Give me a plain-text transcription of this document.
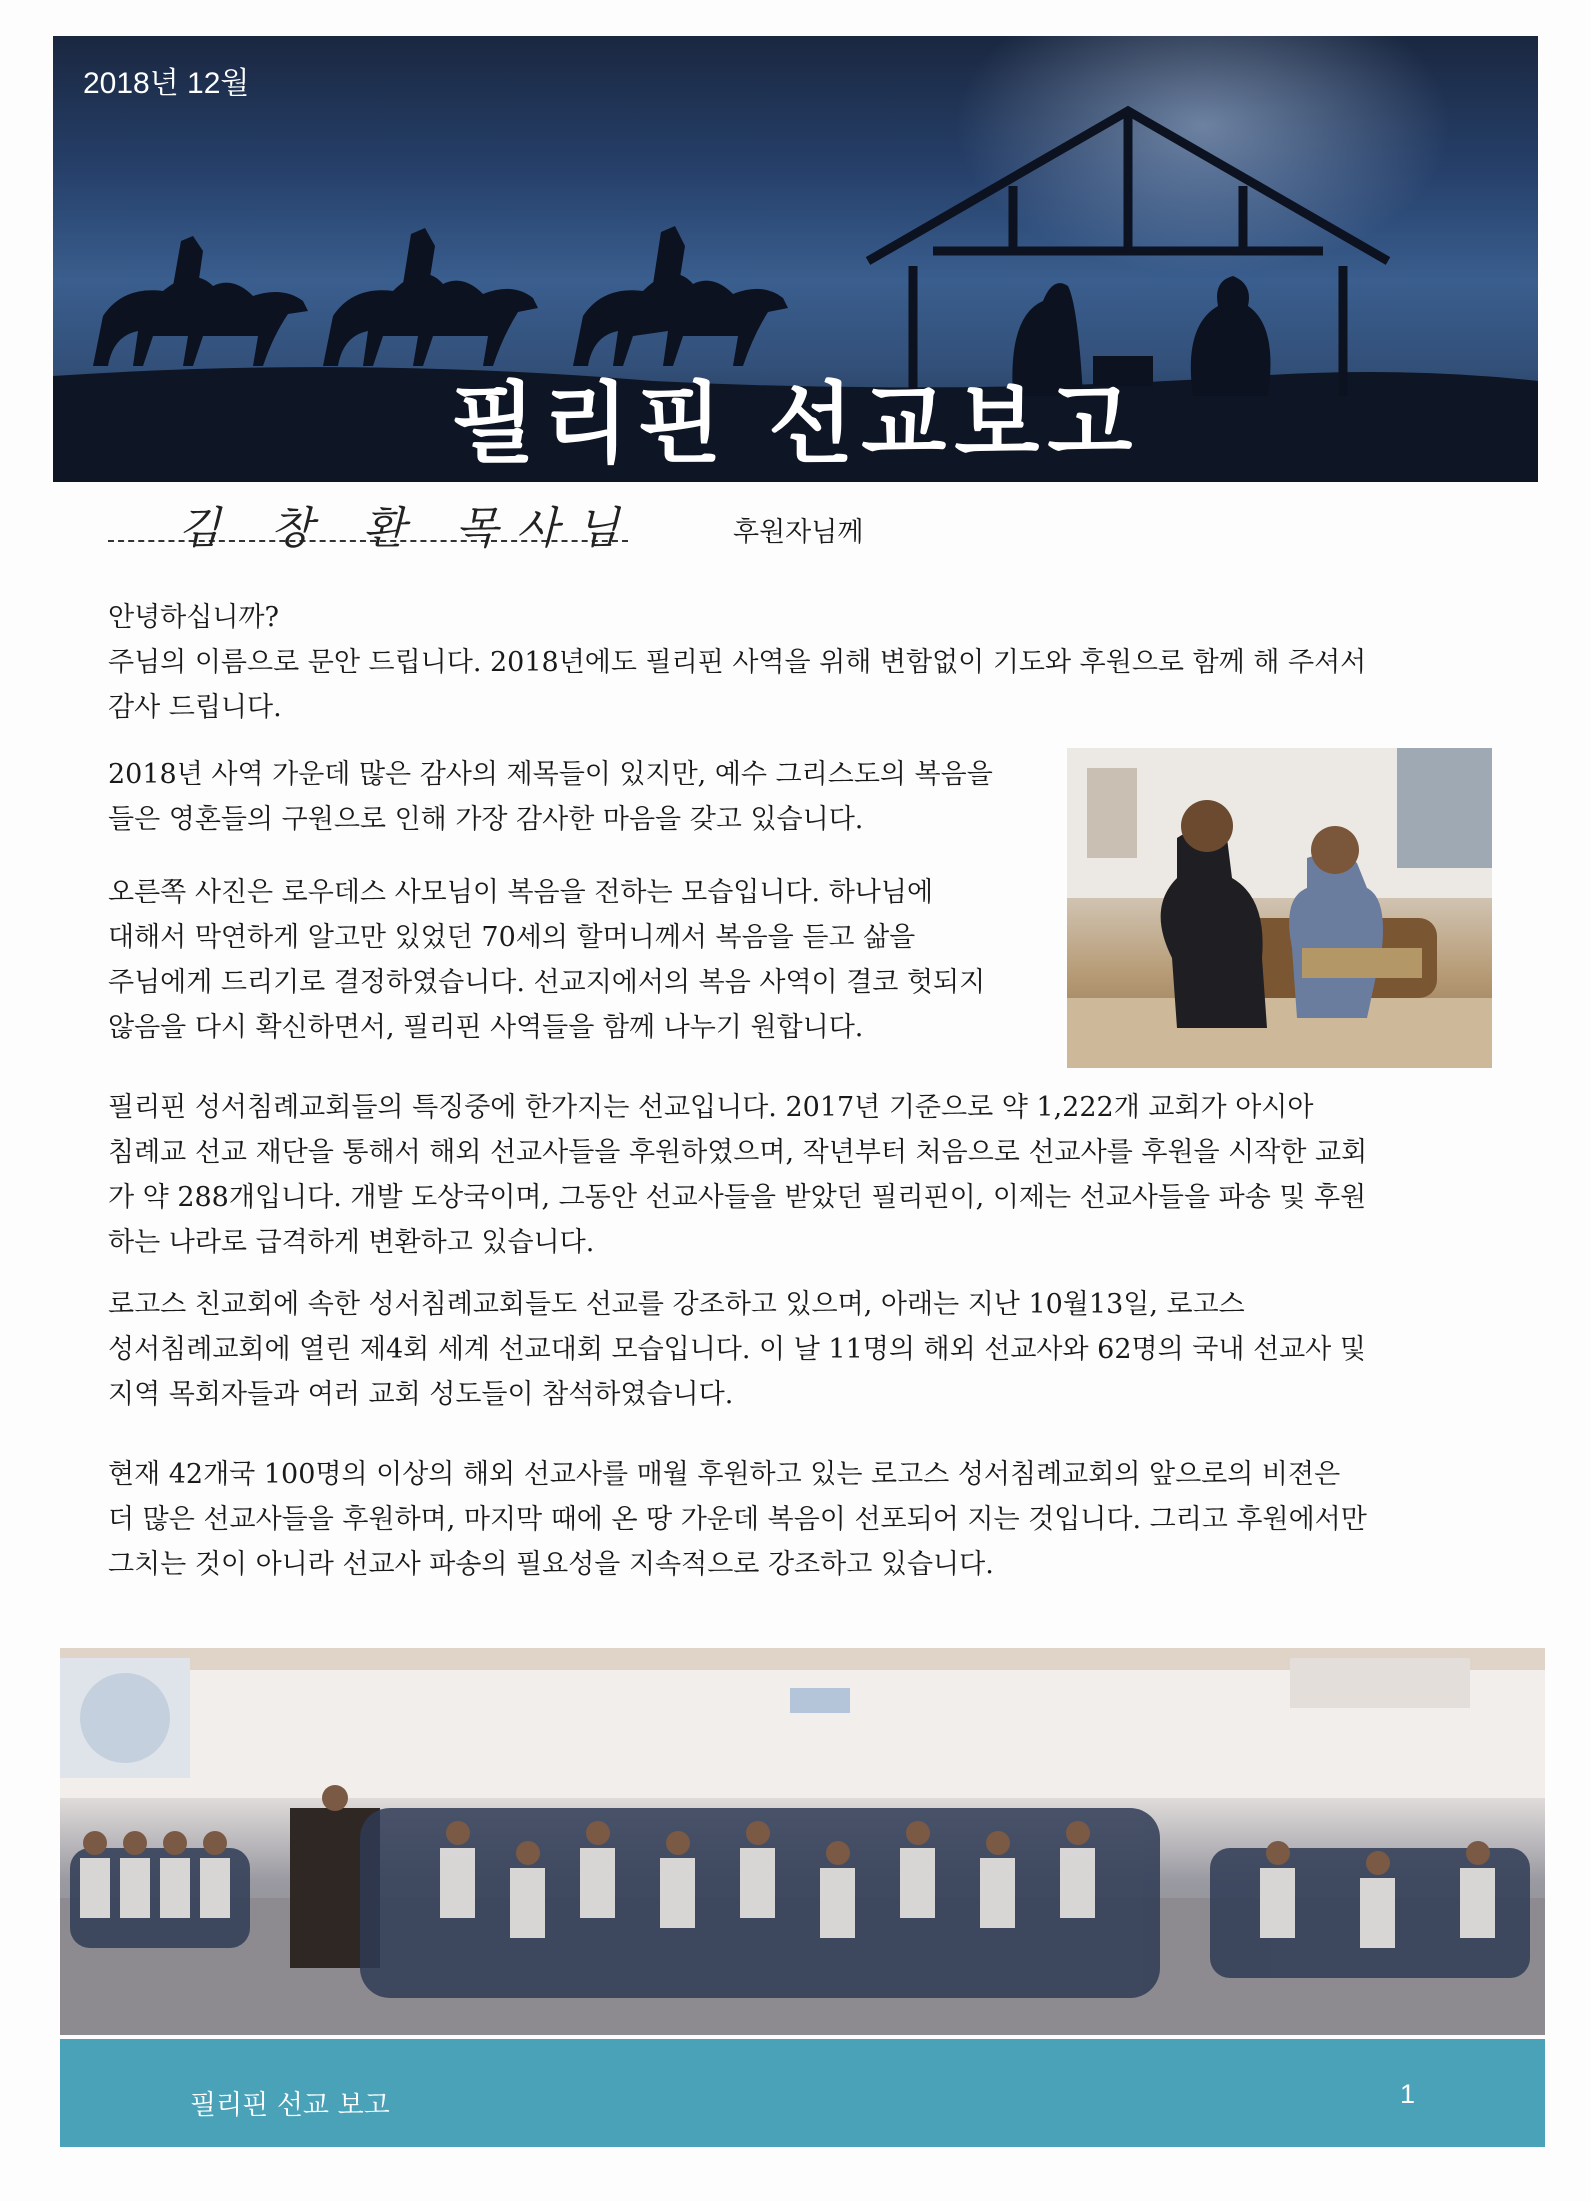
2018년 12월
필리핀 선교보고
김 창 환 목사님	후원자님께
안녕하십니까?
주님의 이름으로 문안 드립니다. 2018년에도 필리핀 사역을 위해 변함없이 기도와 후원으로 함께 해 주셔서
감사 드립니다.
2018년 사역 가운데 많은 감사의 제목들이 있지만, 예수 그리스도의 복음을
들은 영혼들의 구원으로 인해 가장 감사한 마음을 갖고 있습니다.
오른쪽 사진은 로우데스 사모님이 복음을 전하는 모습입니다. 하나님에
대해서 막연하게 알고만 있었던 70세의 할머니께서 복음을 듣고 삶을
주님에게 드리기로 결정하였습니다. 선교지에서의 복음 사역이 결코 헛되지
않음을 다시 확신하면서, 필리핀 사역들을 함께 나누기 원합니다.
필리핀 성서침례교회들의 특징중에 한가지는 선교입니다. 2017년 기준으로 약 1,222개 교회가 아시아
침례교 선교 재단을 통해서 해외 선교사들을 후원하였으며, 작년부터 처음으로 선교사를 후원을 시작한 교회
가 약 288개입니다. 개발 도상국이며, 그동안 선교사들을 받았던 필리핀이, 이제는 선교사들을 파송 및 후원
하는 나라로 급격하게 변환하고 있습니다.
로고스 친교회에 속한 성서침례교회들도 선교를 강조하고 있으며, 아래는 지난 10월13일, 로고스
성서침례교회에 열린 제4회 세계 선교대회 모습입니다. 이 날 11명의 해외 선교사와 62명의 국내 선교사 및
지역 목회자들과 여러 교회 성도들이 참석하였습니다.
현재 42개국 100명의 이상의 해외 선교사를 매월 후원하고 있는 로고스 성서침례교회의 앞으로의 비젼은
더 많은 선교사들을 후원하며, 마지막 때에 온 땅 가운데 복음이 선포되어 지는 것입니다. 그리고 후원에서만
그치는 것이 아니라 선교사 파송의 필요성을 지속적으로 강조하고 있습니다.
필리핀 선교 보고	1
